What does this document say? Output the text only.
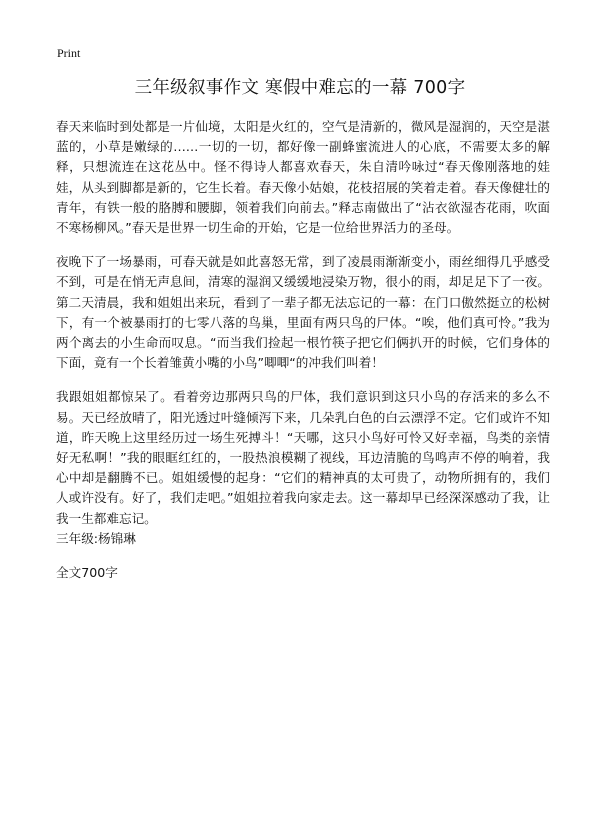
Print
三年级叙事作文 寒假中难忘的一幕 700字

春天来临时到处都是一片仙境，太阳是火红的，空气是清新的，微风是湿润的，天空是湛蓝的，小草是嫩绿的……一切的一切，都好像一副蜂蜜流进人的心底，不需要太多的解释，只想流连在这花丛中。怪不得诗人都喜欢春天，朱自清吟咏过“春天像刚落地的娃娃，从头到脚都是新的，它生长着。春天像小姑娘，花枝招展的笑着走着。春天像健壮的青年，有铁一般的胳膊和腰脚，领着我们向前去。”释志南做出了“沾衣欲湿杏花雨，吹面不寒杨柳风。”春天是世界一切生命的开始，它是一位给世界活力的圣母。

夜晚下了一场暴雨，可春天就是如此喜怒无常，到了凌晨雨渐渐变小，雨丝细得几乎感受不到，可是在悄无声息间，清寒的湿润又缓缓地浸染万物，很小的雨，却足足下了一夜。第二天清晨，我和姐姐出来玩，看到了一辈子都无法忘记的一幕：在门口傲然挺立的松树下，有一个被暴雨打的七零八落的鸟巢，里面有两只鸟的尸体。“唉，他们真可怜。”我为两个离去的小生命而叹息。“而当我们捡起一根竹筷子把它们俩扒开的时候，它们身体的下面，竟有一个长着雏黄小嘴的小鸟”唧唧“的冲我们叫着！

我跟姐姐都惊呆了。看着旁边那两只鸟的尸体，我们意识到这只小鸟的存活来的多么不易。天已经放晴了，阳光透过叶缝倾泻下来，几朵乳白色的白云漂浮不定。它们或许不知道，昨天晚上这里经历过一场生死搏斗！“天哪，这只小鸟好可怜又好幸福，鸟类的亲情好无私啊！”我的眼眶红红的，一股热浪模糊了视线，耳边清脆的鸟鸣声不停的响着，我心中却是翻腾不已。姐姐缓慢的起身：“它们的精神真的太可贵了，动物所拥有的，我们人或许没有。好了，我们走吧。”姐姐拉着我向家走去。这一幕却早已经深深感动了我，让我一生都难忘记。

三年级:杨锦琳
全文700字
